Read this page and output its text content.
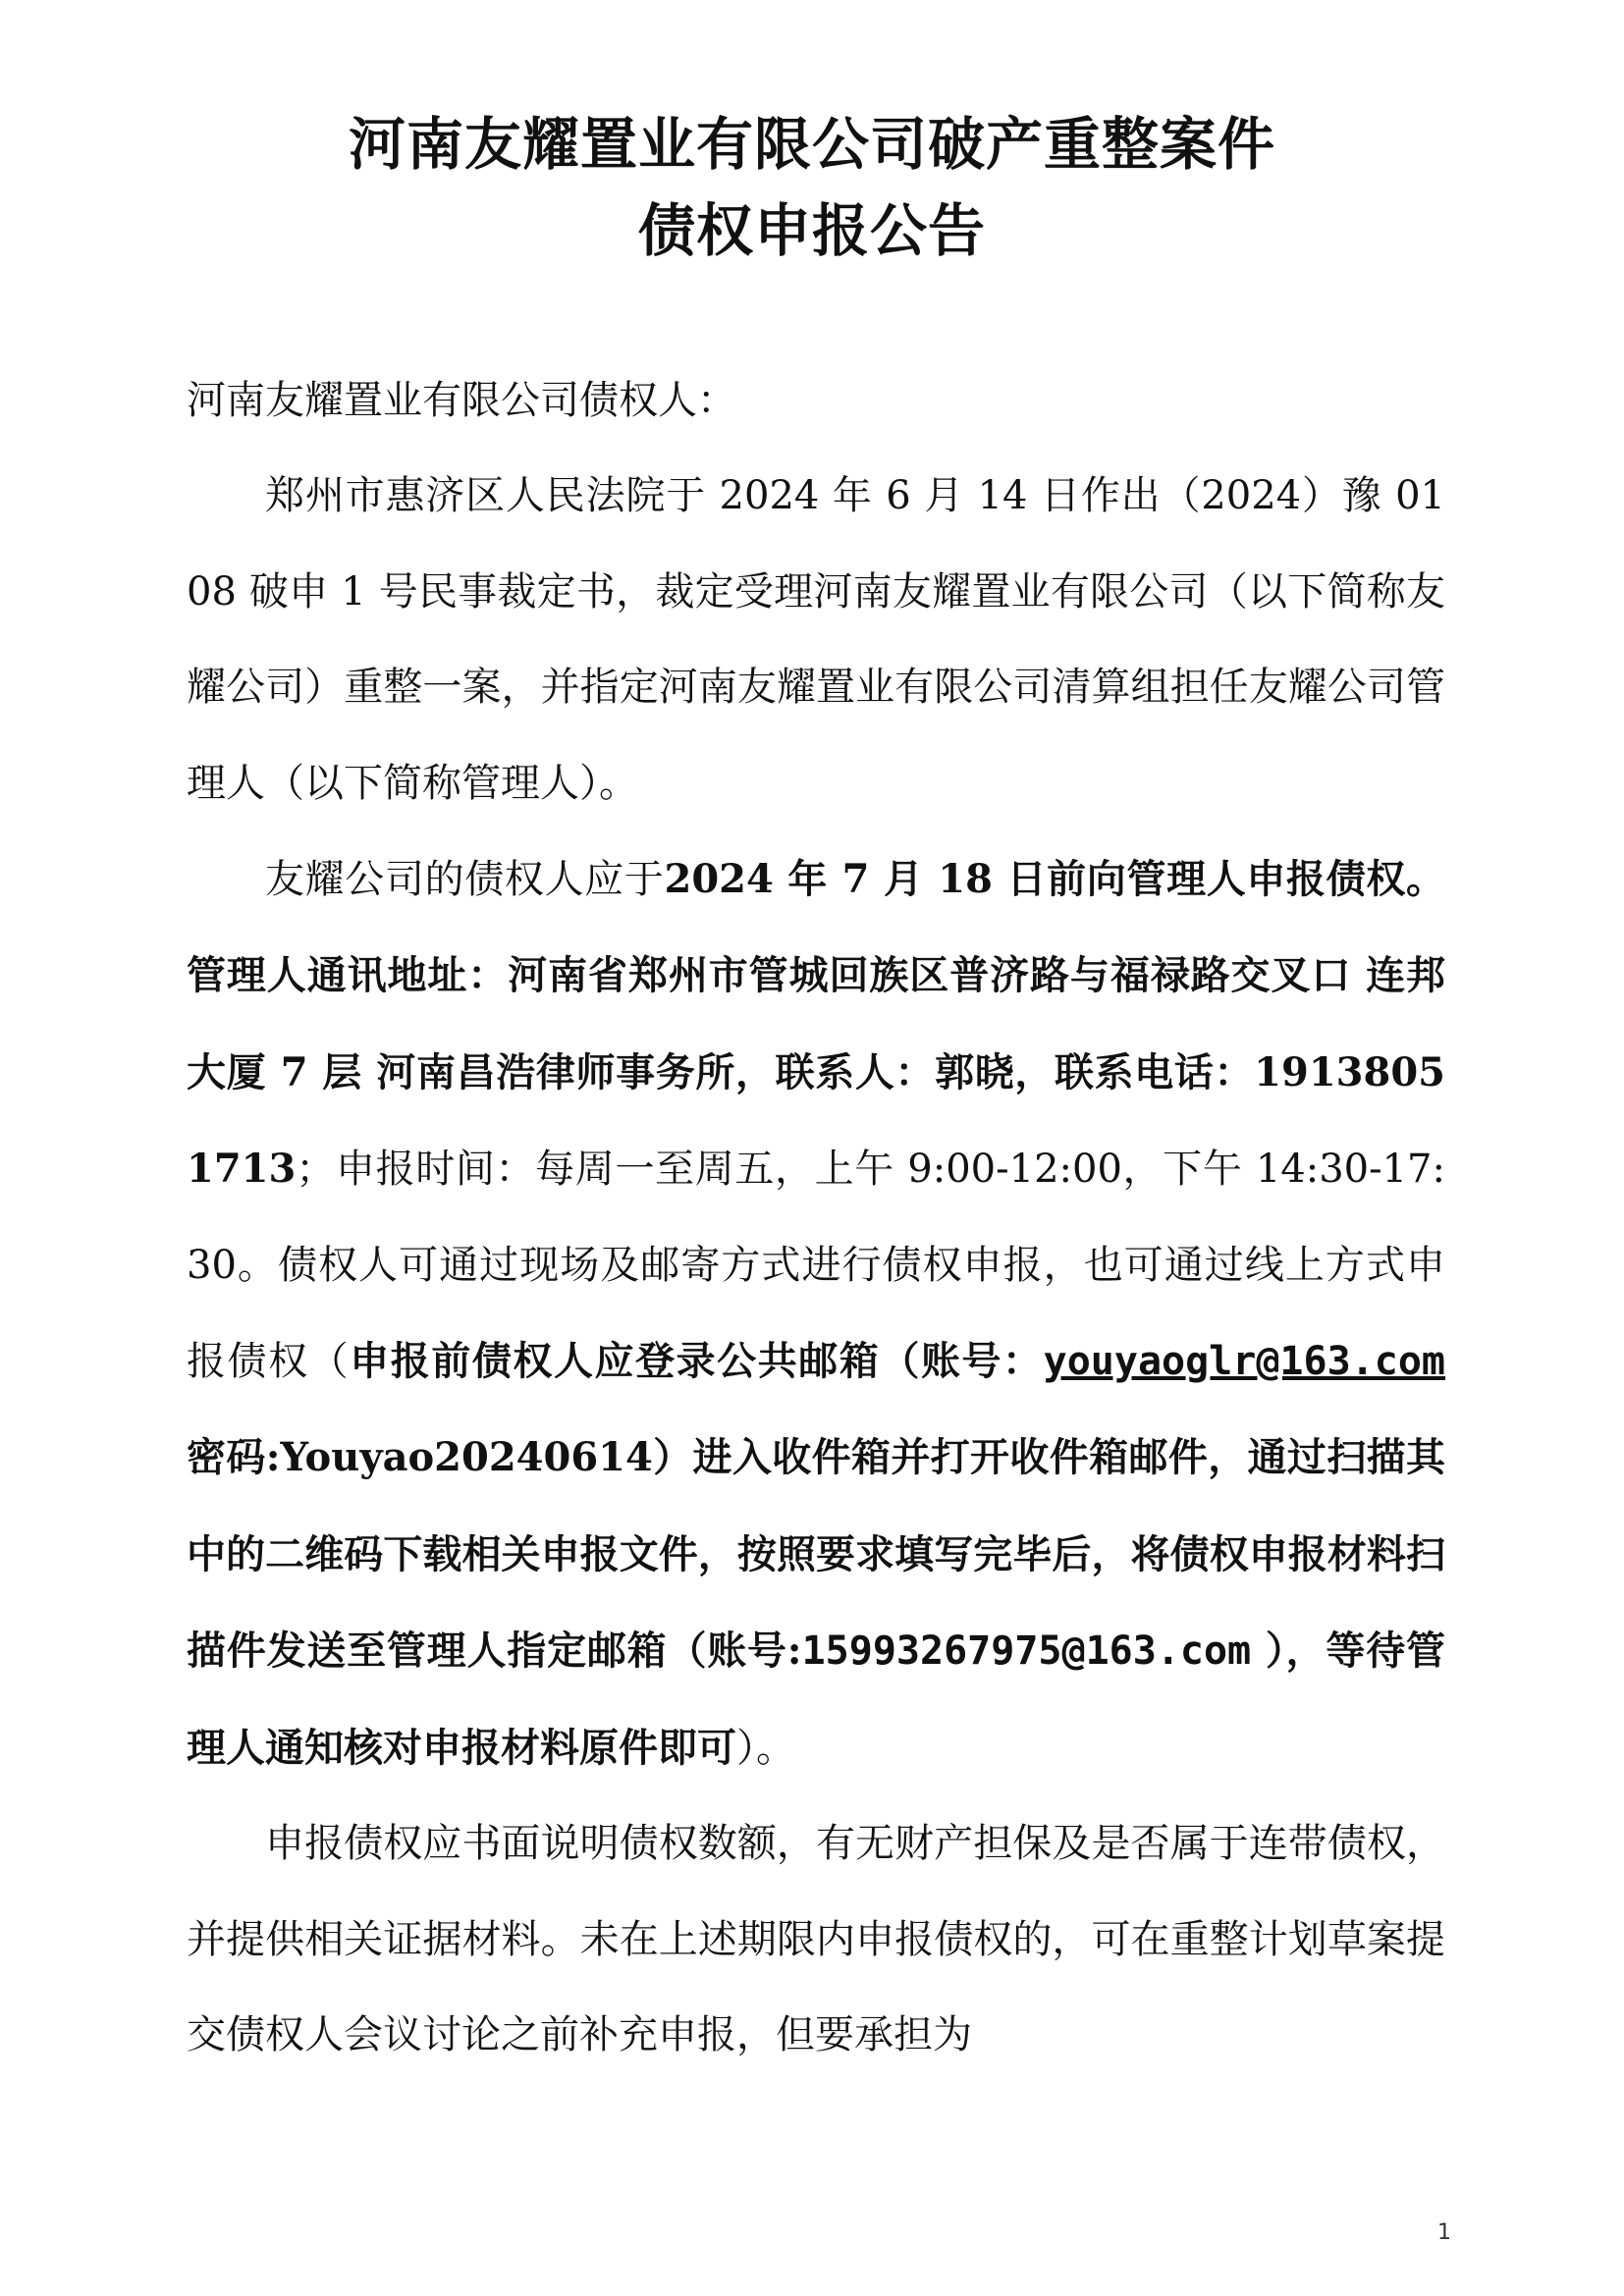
河南友耀置业有限公司破产重整案件
债权申报公告

河南友耀置业有限公司债权人：

郑州市惠济区人民法院于 2024 年 6 月 14 日作出（2024）豫 0108 破申 1 号民事裁定书，裁定受理河南友耀置业有限公司（以下简称友耀公司）重整一案，并指定河南友耀置业有限公司清算组担任友耀公司管理人（以下简称管理人）。

友耀公司的债权人应于2024 年 7 月 18 日前向管理人申报债权。管理人通讯地址：河南省郑州市管城回族区普济路与福禄路交叉口 连邦大厦 7 层 河南昌浩律师事务所，联系人：郭晓，联系电话：19138051713；申报时间：每周一至周五，上午 9:00-12:00，下午 14:30-17:30。债权人可通过现场及邮寄方式进行债权申报，也可通过线上方式申报债权（申报前债权人应登录公共邮箱（账号：youyaoglr@163.com 密码:Youyao20240614）进入收件箱并打开收件箱邮件，通过扫描其中的二维码下载相关申报文件，按照要求填写完毕后，将债权申报材料扫描件发送至管理人指定邮箱（账号:15993267975@163.com ），等待管理人通知核对申报材料原件即可）。

申报债权应书面说明债权数额，有无财产担保及是否属于连带债权，并提供相关证据材料。未在上述期限内申报债权的，可在重整计划草案提交债权人会议讨论之前补充申报，但要承担为

1
